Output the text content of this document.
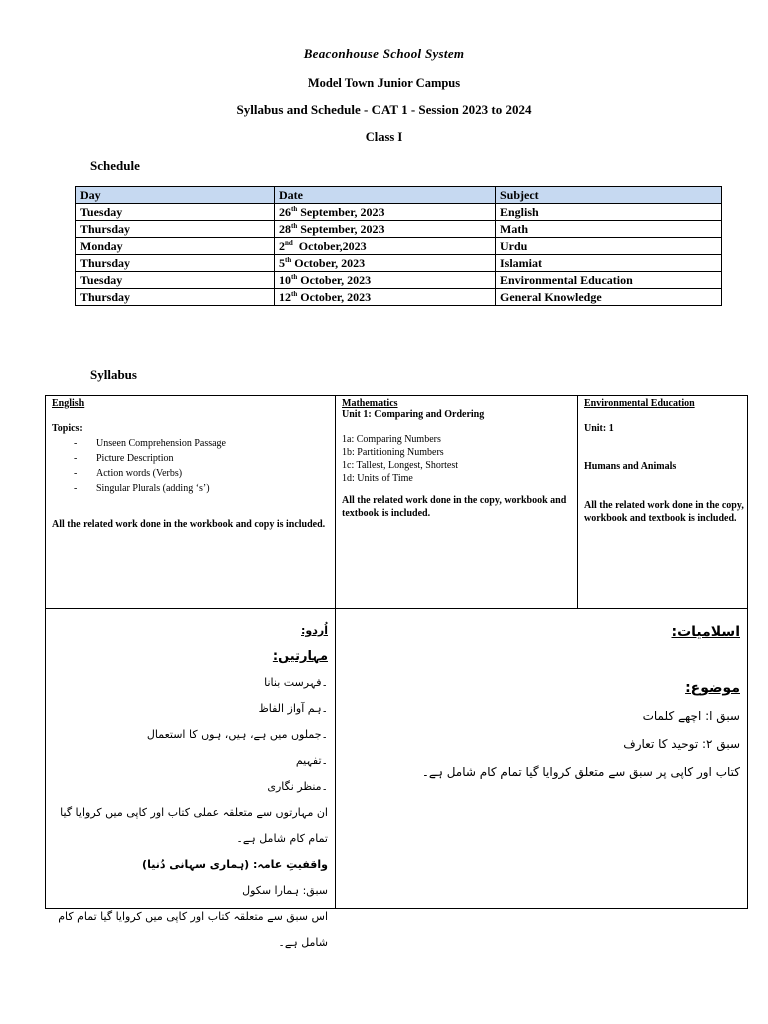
Beaconhouse School System
Model Town Junior Campus
Syllabus and Schedule - CAT 1 - Session 2023 to 2024
Class I
Schedule
Day	Date	Subject
Tuesday	26th September, 2023	English
Thursday	28th September, 2023	Math
Monday	2nd  October,2023	Urdu
Thursday	5th October, 2023	Islamiat
Tuesday	10th October, 2023	Environmental Education
Thursday	12th October, 2023	General Knowledge
Syllabus
English
Topics:
- Unseen Comprehension Passage
- Picture Description
- Action words (Verbs)
- Singular Plurals (adding ‘s’)
All the related work done in the workbook and copy is included.
Mathematics
Unit 1: Comparing and Ordering
1a: Comparing Numbers
1b: Partitioning Numbers
1c: Tallest, Longest, Shortest
1d: Units of Time
All the related work done in the copy, workbook and textbook is included.
Environmental Education
Unit: 1
Humans and Animals
All the related work done in the copy, workbook and textbook is included.
اُردو:
مہارتیں:
۔فہرست بنانا
۔ہم آواز الفاظ
۔جملوں میں ہے، ہیں، ہوں کا استعمال
۔تفہیم
۔منظر نگاری
ان مہارتوں سے متعلقہ عملی کتاب اور کاپی میں کروایا گیا تمام کام شامل ہے۔
واقفیتِ عامہ: (ہماری سہانی دُنیا)
سبق: ہمارا سکول
اس سبق سے متعلقہ کتاب اور کاپی میں کروایا گیا تمام کام شامل ہے۔
اسلامیات:
موضوع:
سبق ا: اچھے کلمات
سبق ۲: توحید کا تعارف
کتاب اور کاپی پر سبق سے متعلق کروایا گیا تمام کام شامل ہے۔
